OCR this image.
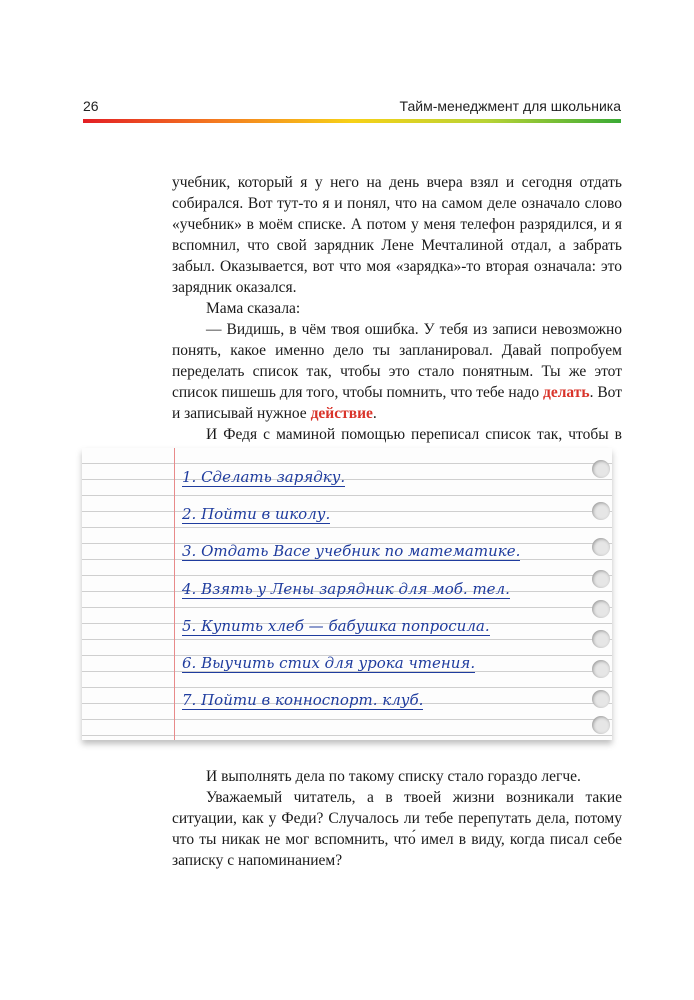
26	Тайм-менеджмент для школьника

учебник, который я у него на день вчера взял и сегодня отдать собирался. Вот тут-то я и понял, что на самом деле означало слово «учебник» в моём списке. А потом у меня телефон разрядился, и я вспомнил, что свой зарядник Лене Мечталиной отдал, а забрать забыл. Оказывается, вот что моя «зарядка»-то вторая означала: это зарядник оказался.

Мама сказала:

— Видишь, в чём твоя ошибка. У тебя из записи невозможно понять, какое именно дело ты запланировал. Давай попробуем переделать список так, чтобы это стало понятным. Ты же этот список пишешь для того, чтобы помнить, что тебе надо делать. Вот и записывай нужное действие.

И Федя с маминой помощью переписал список так, чтобы в

1. Сделать зарядку.
2. Пойти в школу.
3. Отдать Васе учебник по математике.
4. Взять у Лены зарядник для моб. тел.
5. Купить хлеб — бабушка попросила.
6. Выучить стих для урока чтения.
7. Пойти в конноспорт. клуб.

И выполнять дела по такому списку стало гораздо легче.

Уважаемый читатель, а в твоей жизни возникали такие ситуации, как у Феди? Случалось ли тебе перепутать дела, потому что ты никак не мог вспомнить, что́ имел в виду, когда писал себе записку с напоминанием?
